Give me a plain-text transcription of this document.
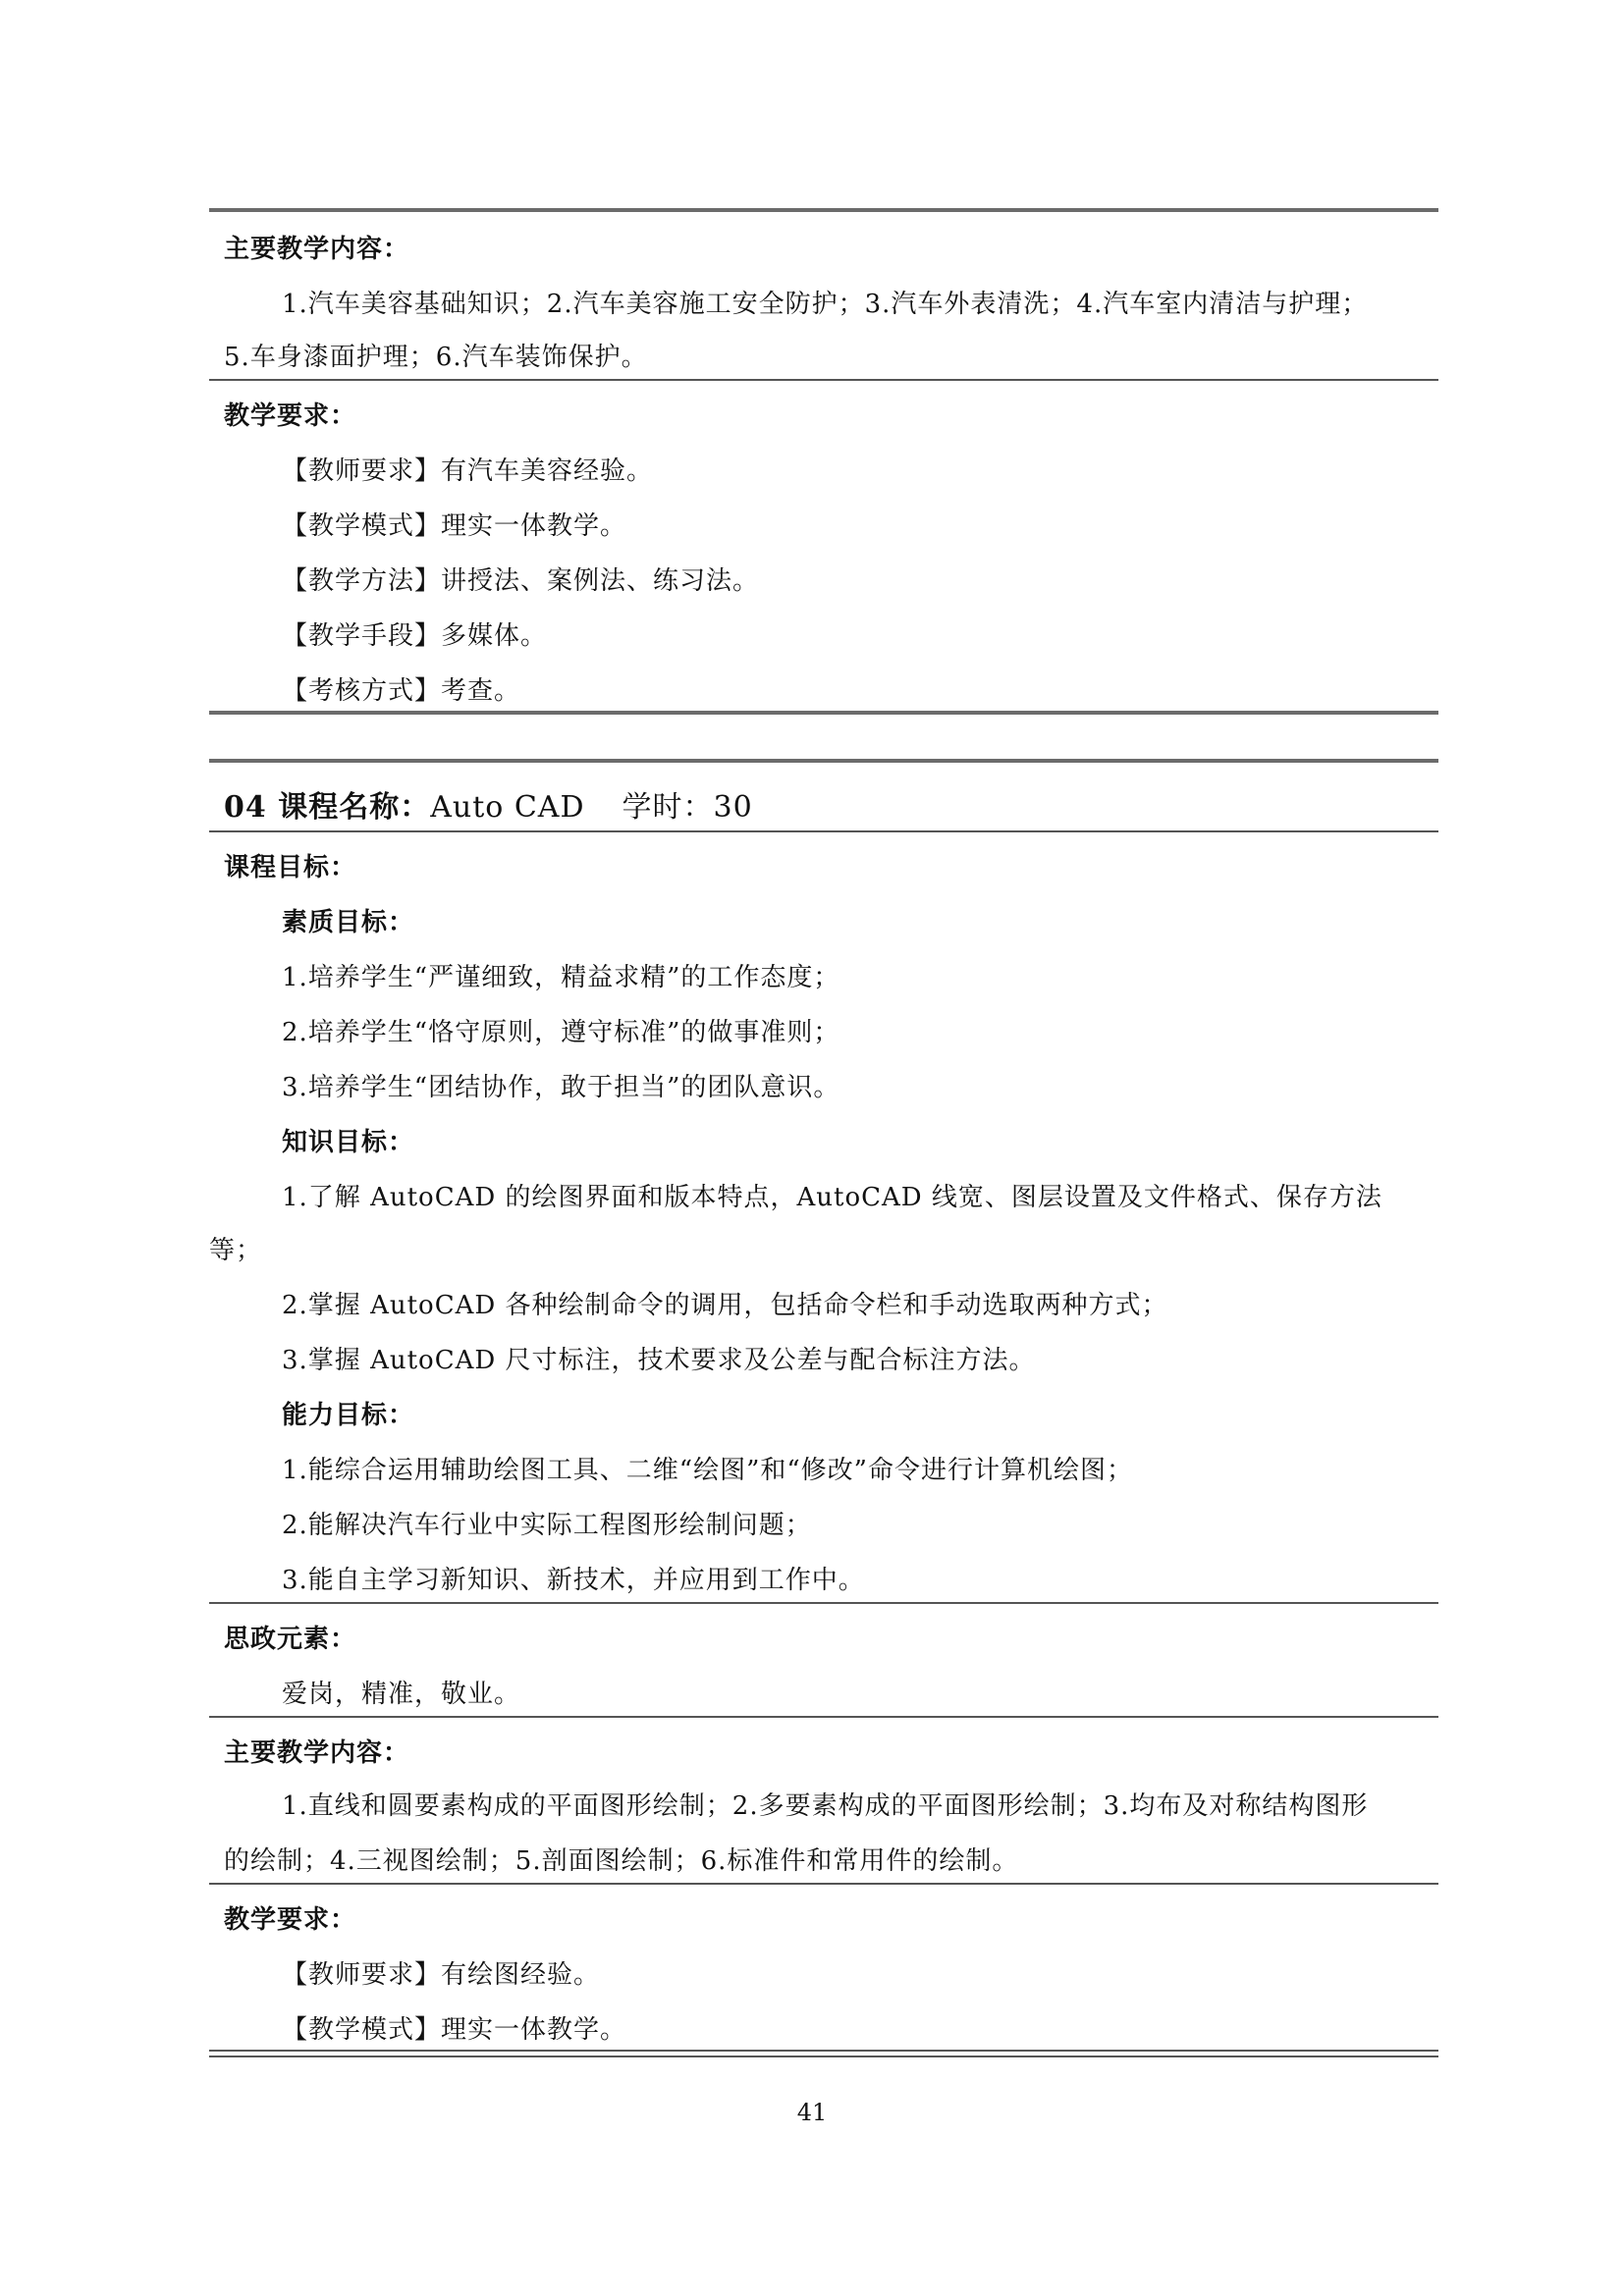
主要教学内容：

1.汽车美容基础知识；2.汽车美容施工安全防护；3.汽车外表清洗；4.汽车室内清洁与护理；

5.车身漆面护理；6.汽车装饰保护。

教学要求：

【教师要求】有汽车美容经验。

【教学模式】理实一体教学。

【教学方法】讲授法、案例法、练习法。

【教学手段】多媒体。

【考核方式】考查。

04 课程名称：Auto CAD 学时：30

课程目标：

素质目标：

1.培养学生“严谨细致，精益求精”的工作态度；

2.培养学生“恪守原则，遵守标准”的做事准则；

3.培养学生“团结协作，敢于担当”的团队意识。

知识目标：

1.了解 AutoCAD 的绘图界面和版本特点，AutoCAD 线宽、图层设置及文件格式、保存方法

等；

2.掌握 AutoCAD 各种绘制命令的调用，包括命令栏和手动选取两种方式；

3.掌握 AutoCAD 尺寸标注，技术要求及公差与配合标注方法。

能力目标：

1.能综合运用辅助绘图工具、二维“绘图”和“修改”命令进行计算机绘图；

2.能解决汽车行业中实际工程图形绘制问题；

3.能自主学习新知识、新技术，并应用到工作中。

思政元素：

爱岗，精准，敬业。

主要教学内容：

1.直线和圆要素构成的平面图形绘制；2.多要素构成的平面图形绘制；3.均布及对称结构图形

的绘制；4.三视图绘制；5.剖面图绘制；6.标准件和常用件的绘制。

教学要求：

【教师要求】有绘图经验。

【教学模式】理实一体教学。

41
